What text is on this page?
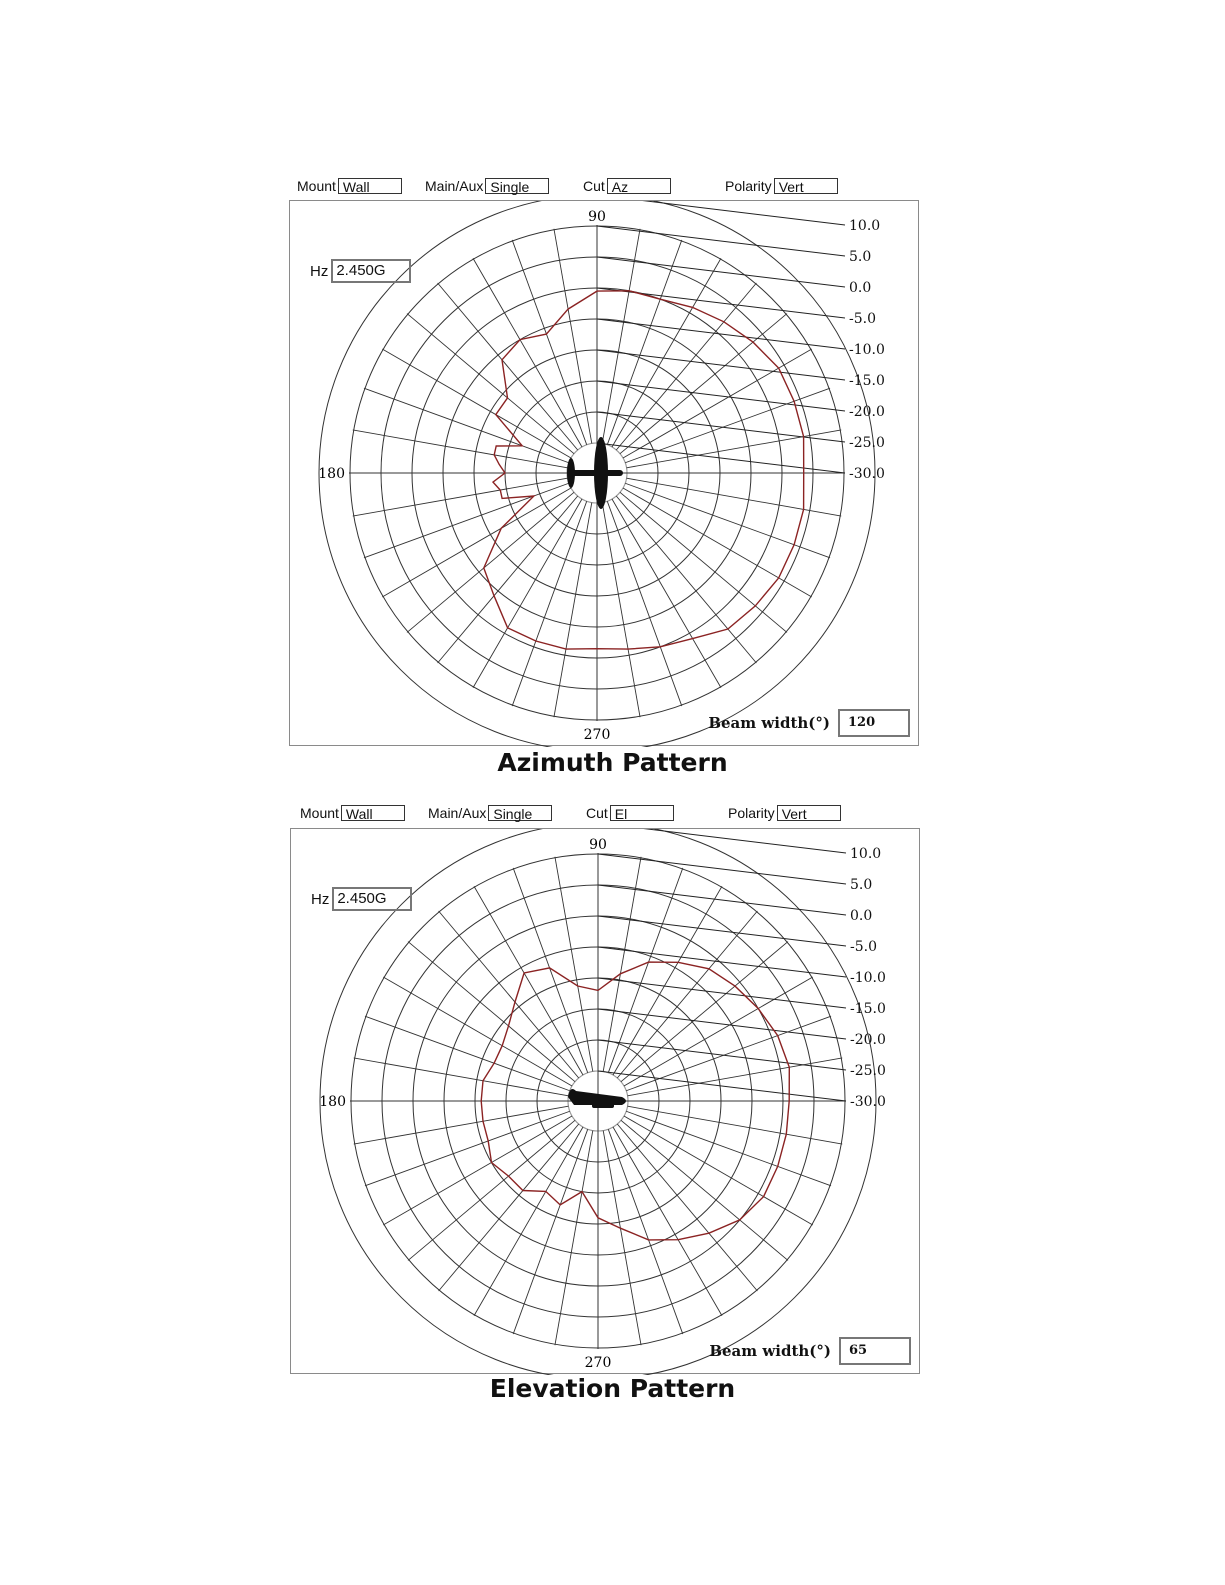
Mount Wall	Main/Aux Single	Cut Az	Polarity Vert
10.0
5.0
0.0
-5.0
-10.0
-15.0
-20.0
-25.0
-30.0
90
180
270
Hz 2.450G
Beam width(°)	120
Azimuth Pattern
Mount Wall	Main/Aux Single	Cut El	Polarity Vert
10.0
5.0
0.0
-5.0
-10.0
-15.0
-20.0
-25.0
-30.0
90
180
270
Hz 2.450G
Beam width(°)	65
Elevation Pattern
